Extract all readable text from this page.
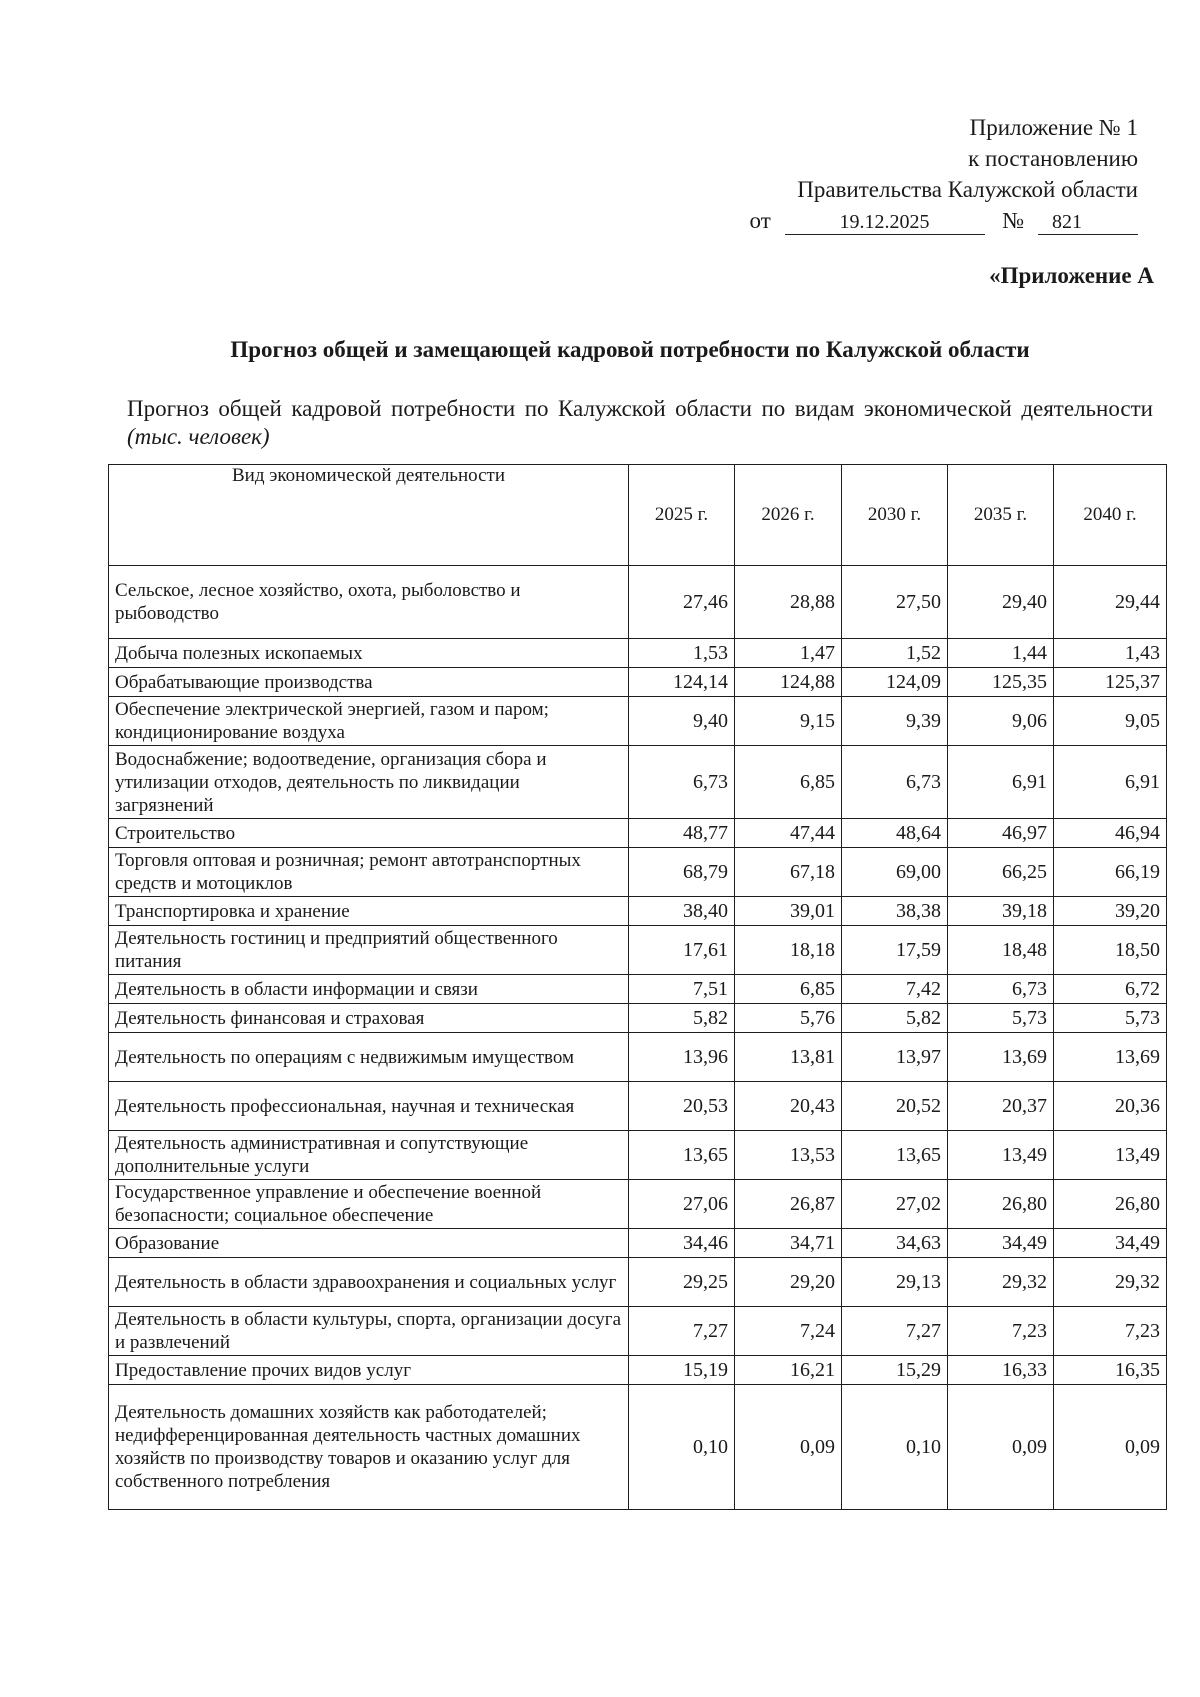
Приложение № 1
к постановлению
Правительства Калужской области
от	19.12.2025	№ 821
«Приложение А
Прогноз общей и замещающей кадровой потребности по Калужской области
Прогноз общей кадровой потребности по Калужской области по видам экономической деятельности (тыс. человек)
Вид экономической деятельности	2025 г.	2026 г.	2030 г.	2035 г.	2040 г.
Сельское, лесное хозяйство, охота, рыболовство и рыбоводство	27,46	28,88	27,50	29,40	29,44
Добыча полезных ископаемых	1,53	1,47	1,52	1,44	1,43
Обрабатывающие производства	124,14	124,88	124,09	125,35	125,37
Обеспечение электрической энергией, газом и паром; кондиционирование воздуха	9,40	9,15	9,39	9,06	9,05
Водоснабжение; водоотведение, организация сбора и утилизации отходов, деятельность по ликвидации загрязнений	6,73	6,85	6,73	6,91	6,91
Строительство	48,77	47,44	48,64	46,97	46,94
Торговля оптовая и розничная; ремонт автотранспортных средств и мотоциклов	68,79	67,18	69,00	66,25	66,19
Транспортировка и хранение	38,40	39,01	38,38	39,18	39,20
Деятельность гостиниц и предприятий общественного питания	17,61	18,18	17,59	18,48	18,50
Деятельность в области информации и связи	7,51	6,85	7,42	6,73	6,72
Деятельность финансовая и страховая	5,82	5,76	5,82	5,73	5,73
Деятельность по операциям с недвижимым имуществом	13,96	13,81	13,97	13,69	13,69
Деятельность профессиональная, научная и техническая	20,53	20,43	20,52	20,37	20,36
Деятельность административная и сопутствующие дополнительные услуги	13,65	13,53	13,65	13,49	13,49
Государственное управление и обеспечение военной безопасности; социальное обеспечение	27,06	26,87	27,02	26,80	26,80
Образование	34,46	34,71	34,63	34,49	34,49
Деятельность в области здравоохранения и социальных услуг	29,25	29,20	29,13	29,32	29,32
Деятельность в области культуры, спорта, организации досуга и развлечений	7,27	7,24	7,27	7,23	7,23
Предоставление прочих видов услуг	15,19	16,21	15,29	16,33	16,35
Деятельность домашних хозяйств как работодателей; недифференцированная деятельность частных домашних хозяйств по производству товаров и оказанию услуг для собственного потребления	0,10	0,09	0,10	0,09	0,09
